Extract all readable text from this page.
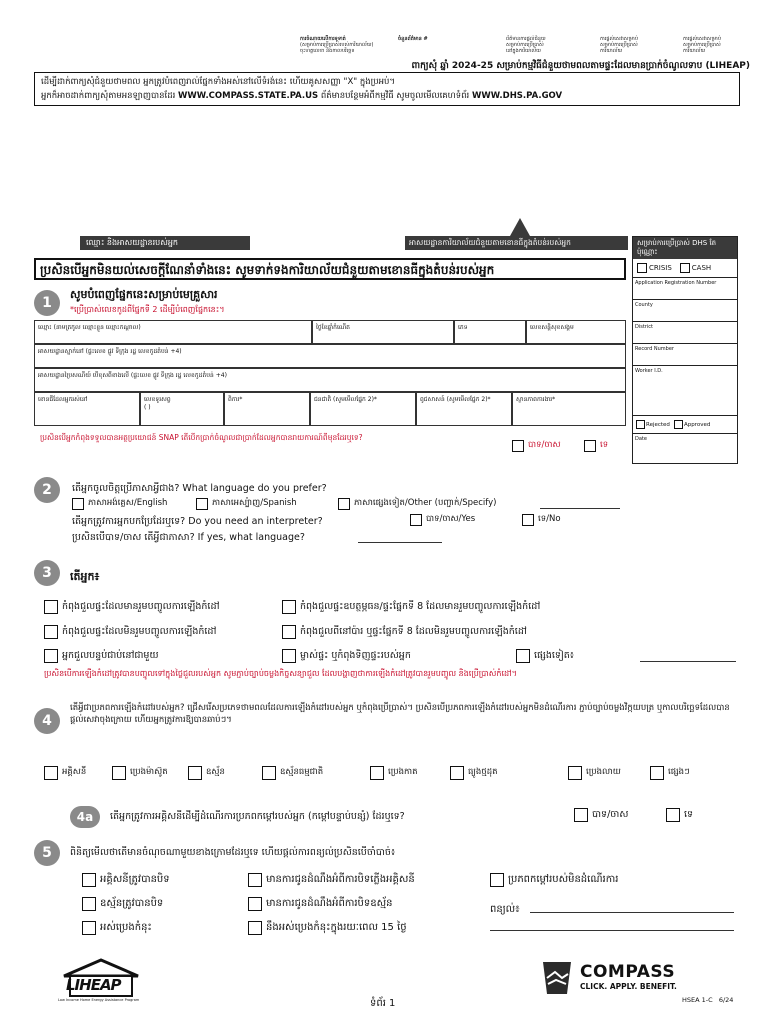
ការចំណាយលើការទូទាត់
(សម្រាប់ការប្រើប្រាស់របស់ការិយាល័យ)
ចុះហត្ថលេខា និងកាលបរិច្ឆេទ
ចំនួនព័ត៌មាន #	ព័ត៌មានការផ្តល់ជំនួយ
សម្រាប់ការប្រើប្រាស់
នៅក្នុងការិយាល័យ
ការផ្តល់សេវាសម្រាប់
សម្រាប់ការប្រើប្រាស់
ការិយាល័យ
ការផ្តល់សេវាសម្រាប់
សម្រាប់ការប្រើប្រាស់
ការិយាល័យ
ពាក្យសុំ ឆ្នាំ 2024-25 សម្រាប់កម្មវិធីជំនួយថាមពលតាមផ្ទះដែលមានប្រាក់ចំណូលទាប (LIHEAP)
ដើម្បីដាក់ពាក្យសុំជំនួយថាមពល អ្នកត្រូវបំពេញរាល់ផ្នែកទាំងអស់នៅលើទំរង់នេះ ហើយគូសសញ្ញា "X" ក្នុងប្រអប់។
អ្នកក៏អាចដាក់ពាក្យសុំតាមអនឡាញបានដែរ WWW.COMPASS.STATE.PA.US ព័ត៌មានបន្ថែមអំពីកម្មវិធី សូមចូលមើលគេហទំព័រ WWW.DHS.PA.GOV
ឈ្មោះ និងអាសយដ្ឋានរបស់អ្នក	អាសយដ្ឋានការិយាល័យជំនួយតាមខោនធីក្នុងតំបន់របស់អ្នក	សម្រាប់ការប្រើប្រាស់ DHS តែប៉ុណ្ណោះ
CRISIS	CASH
Application Registration Number
County
District
Record Number
Worker I.D.
Rejected	Approved
Date
ប្រសិនបើអ្នកមិនយល់សេចក្តីណែនាំទាំងនេះ សូមទាក់ទងការិយាល័យជំនួយតាមខោនធីក្នុងតំបន់របស់អ្នក
1
សូមបំពេញផ្នែកនេះសម្រាប់មេគ្រួសារ
*ប្រើប្រាស់លេខកូដពីផ្នែកទី 2 ដើម្បីបំពេញផ្នែកនេះ។
ឈ្មោះ (នាមត្រកូល ឈ្មោះខ្លួន ឈ្មោះកណ្តាល)	ថ្ងៃខែឆ្នាំកំណើត	ភេទ	លេខសន្តិសុខសង្គម
អាសយដ្ឋានស្នាក់នៅ (ផ្ទះលេខ ផ្លូវ ទីក្រុង រដ្ឋ លេខកូដតំបន់ +4)
អាសយដ្ឋានប្រៃសណីយ៍ បើខុសពីខាងលើ (ផ្ទះលេខ ផ្លូវ ទីក្រុង រដ្ឋ លេខកូដតំបន់ +4)
ខោនធីដែលអ្នករស់នៅ	លេខទូរសព្ទ
( )
ពិការ*	ជនជាតិ (សូមមើលផ្នែក 2)*	ពូជសាសន៍ (សូមមើលផ្នែក 2)*	ស្ថានភាពការងារ*
ប្រសិនបើអ្នកកំពុងទទួលបានអត្ថប្រយោជន៍ SNAP តើបើកប្រាក់ចំណូលជាប្រាក់ដែលអ្នកបានរាយការណ៍ពីមុនដែរឬទេ?
បាទ/ចាស	ទេ
2	តើអ្នកចូលចិត្តប្រើភាសាអ្វីជាង? What language do you prefer?
ភាសាអង់គ្លេស/English	ភាសាអេស្ប៉ាញ/Spanish	ភាសាផ្សេងទៀត/Other (បញ្ជាក់/Specify)
តើអ្នកត្រូវការអ្នកបកប្រែដែរឬទេ? Do you need an interpreter?	បាទ/ចាស/Yes	ទេ/No
ប្រសិនបើបាទ/ចាស តើអ្វីជាភាសា? If yes, what language?
3	តើអ្នក៖
កំពុងជួលផ្ទះដែលមានរួមបញ្ចូលការឡើងកំដៅ	កំពុងជួលផ្ទះឧបត្ថម្ភធន/ផ្ទះផ្នែកទី 8 ដែលមានរួមបញ្ចូលការឡើងកំដៅ
កំពុងជួលផ្ទះដែលមិនរួមបញ្ចូលការឡើងកំដៅ	កំពុងជួលពីនៅប៉ារ ឬផ្ទះផ្នែកទី 8 ដែលមិនរួមបញ្ចូលការឡើងកំដៅ
អ្នកជួលបន្ទប់ជាប់នៅជាមួយ	ម្ចាស់ផ្ទះ ឬកំពុងទិញផ្ទះរបស់អ្នក	ផ្សេងទៀត៖
ប្រសិនបើការឡើងកំដៅត្រូវបានបញ្ចូលទៅក្នុងថ្លៃជួលរបស់អ្នក សូមភ្ជាប់ច្បាប់ចម្លងកិច្ចសន្យាជួល ដែលបង្ហាញថាការឡើងកំដៅត្រូវបានរួមបញ្ចូល និងប្រើប្រាស់កំដៅ។
4
តើអ្វីជាប្រភពការឡើងកំដៅរបស់អ្នក? ជ្រើសរើសប្រភេទថាមពលដែលការឡើងកំដៅរបស់អ្នក ឬកំពុងប្រើប្រាស់។ ប្រសិនបើប្រភពការឡើងកំដៅរបស់អ្នកមិនដំណើរការ ភ្ជាប់ច្បាប់ចម្លងវិក្កយបត្រ ឬកាលបរិច្ឆេទដែលបានផ្តល់សេវាចុងក្រោយ ហើយអ្នកត្រូវការឱ្យបានឆាប់ៗ។
អគ្គិសនី	ប្រេងម៉ាស៊ូត	ឧស្ម័ន	ឧស្ម័នធម្មជាតិ	ប្រេងកាត	ធ្យូងថ្មដុត	ប្រេងលាយ	ផ្សេងៗ
4a	តើអ្នកត្រូវការអគ្គិសនីដើម្បីដំណើរការប្រភពកម្តៅរបស់អ្នក (កម្តៅបន្ទាប់បន្សំ) ដែរឬទេ?	បាទ/ចាស	ទេ
5	ពិនិត្យមើលថាតើមានចំណុចណាមួយខាងក្រោមដែរឬទេ ហើយផ្តល់ការពន្យល់ប្រសិនបើចាំបាច់៖
អគ្គិសនីត្រូវបានបិទ
ឧស្ម័នត្រូវបានបិទ
អស់ប្រេងកំនុះ
មានការជូនដំណឹងអំពីការបិទភ្លើងអគ្គិសនី
មានការជូនដំណឹងអំពីការបិទឧស្ម័ន
នឹងអស់ប្រេងកំនុះក្នុងរយៈពេល 15 ថ្ងៃ
ប្រភពកម្តៅរបស់មិនដំណើរការ
ពន្យល់៖
LIHEAP
Low Income Home Energy Assistance Program	ទំព័រ 1
COMPASS
CLICK. APPLY. BENEFIT.
HSEA 1-C   6/24
